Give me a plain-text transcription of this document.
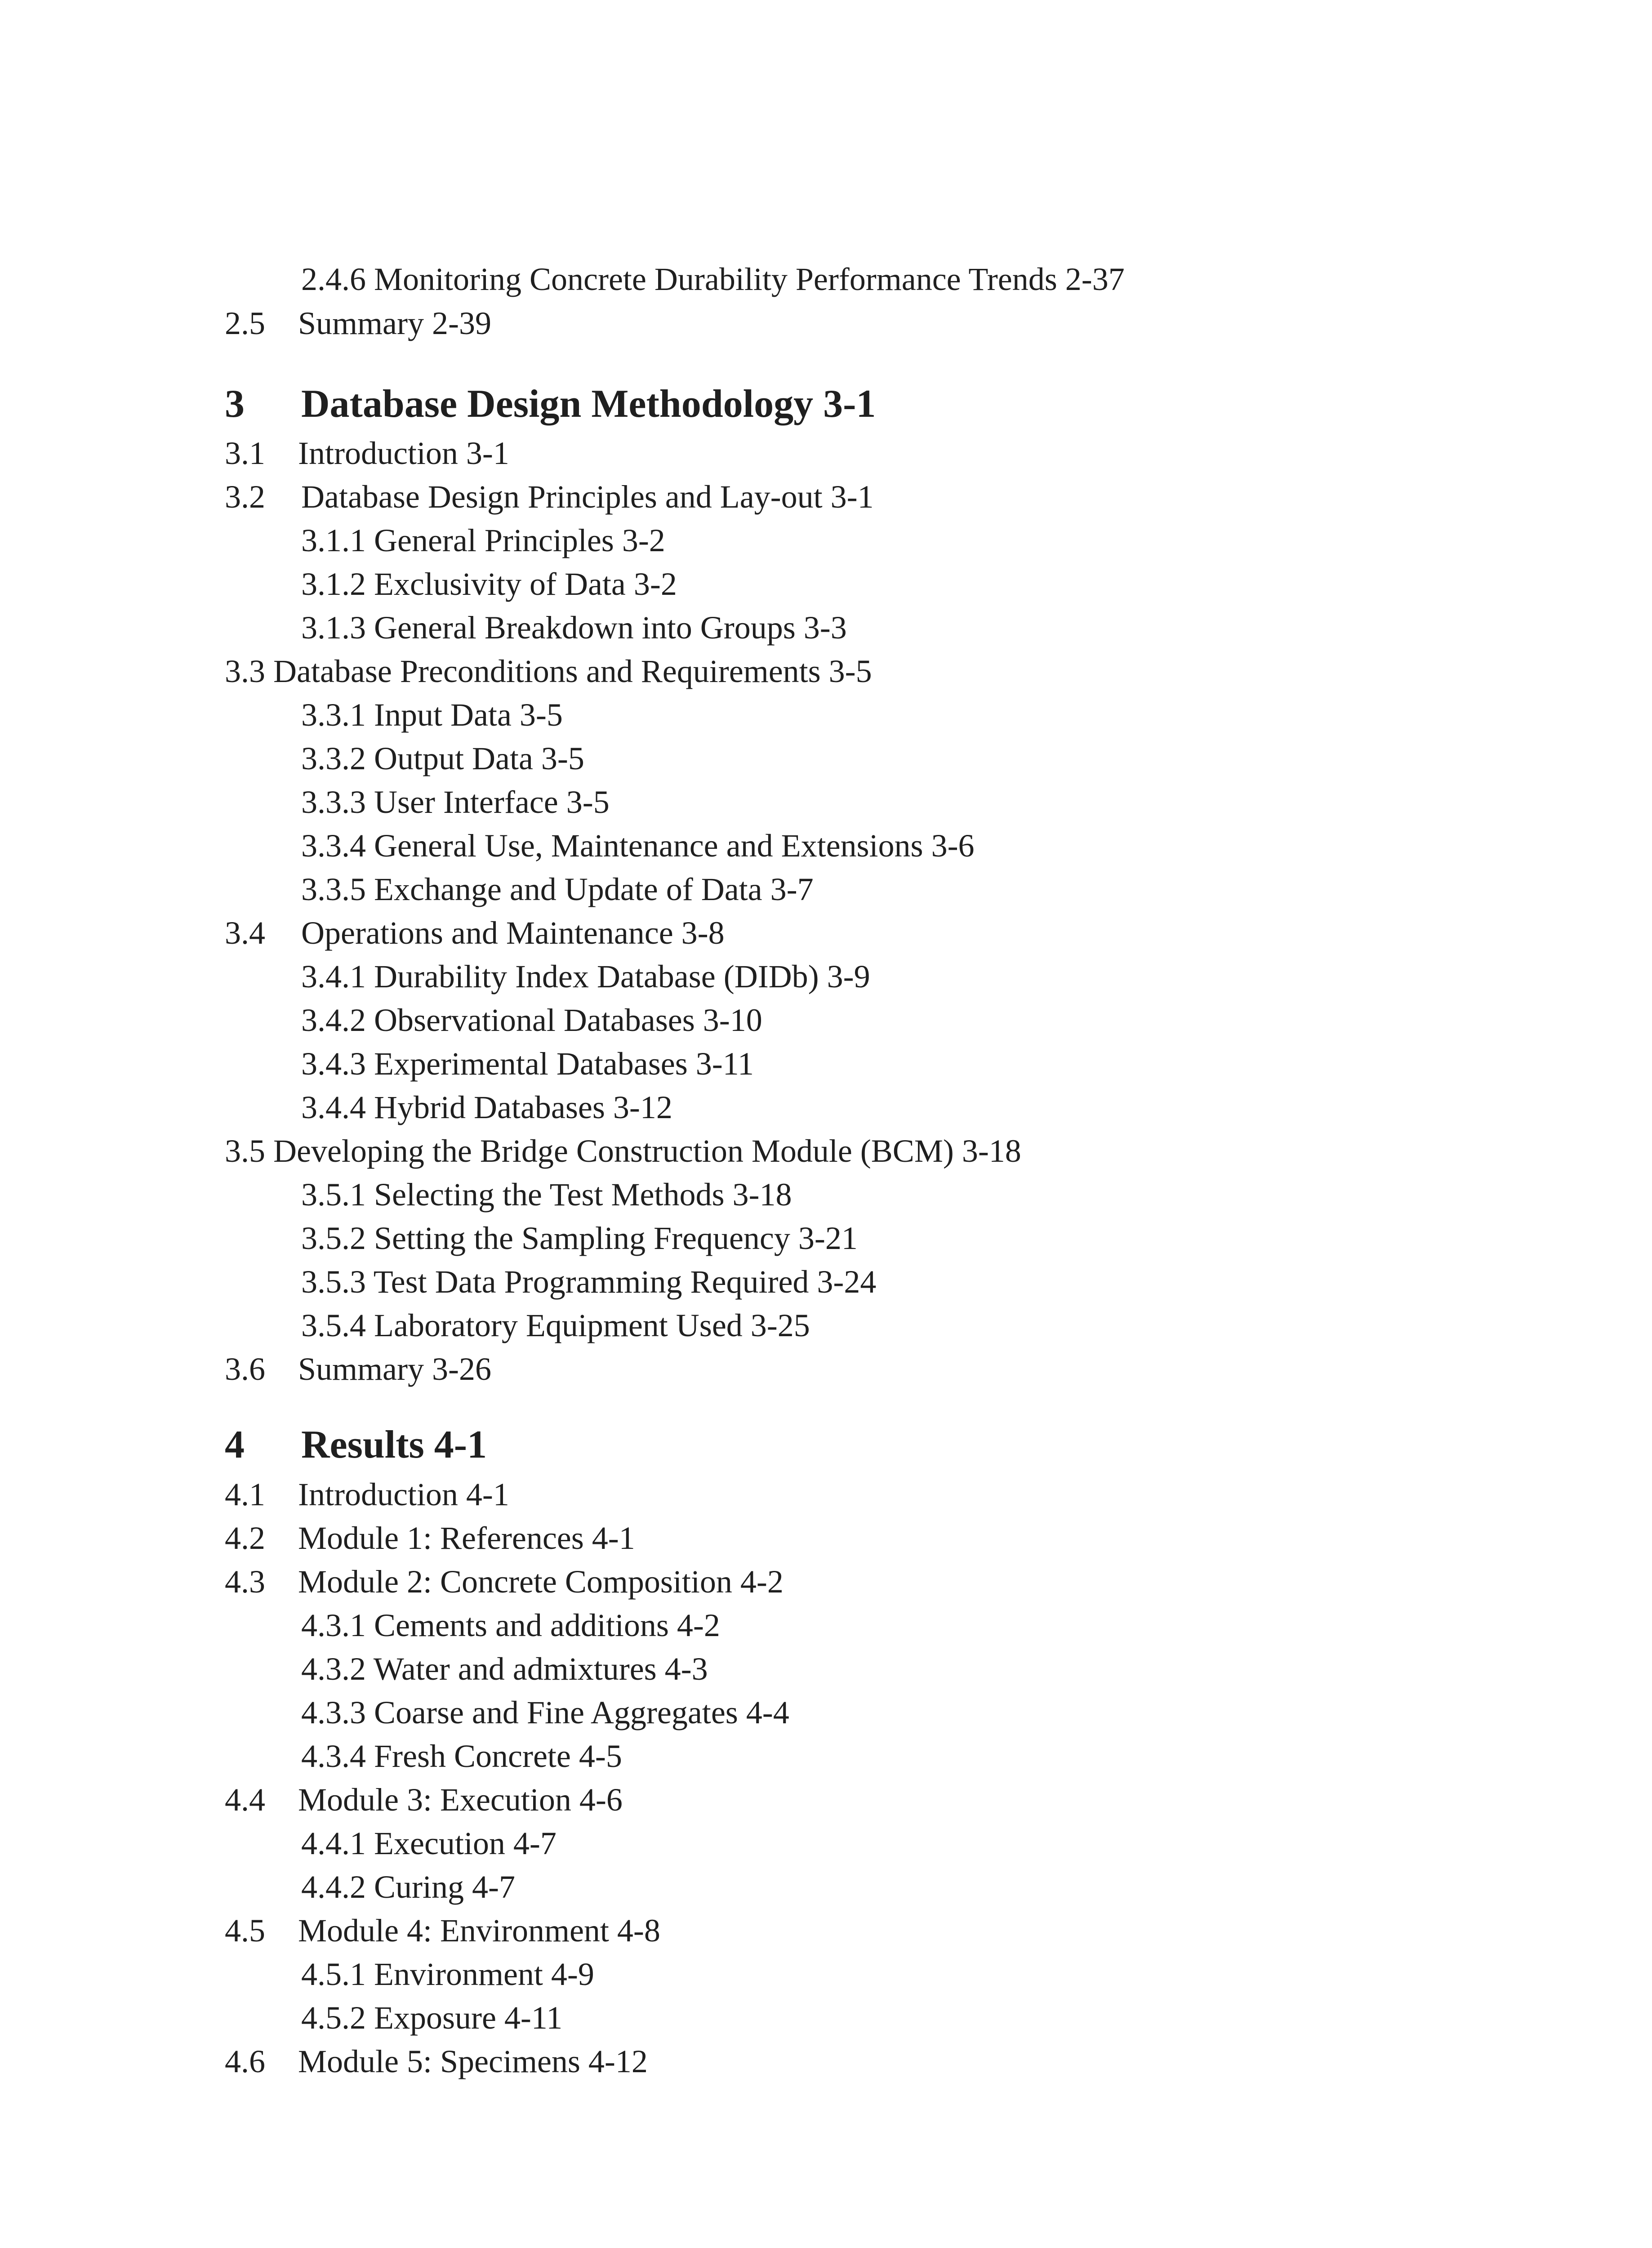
2.4.6 Monitoring Concrete Durability Performance Trends 2-37
2.5 Summary 2-39
3 Database Design Methodology 3-1
3.1 Introduction 3-1
3.2 Database Design Principles and Lay-out 3-1
3.1.1 General Principles 3-2
3.1.2 Exclusivity of Data 3-2
3.1.3 General Breakdown into Groups 3-3
3.3 Database Preconditions and Requirements 3-5
3.3.1 Input Data 3-5
3.3.2 Output Data 3-5
3.3.3 User Interface 3-5
3.3.4 General Use, Maintenance and Extensions 3-6
3.3.5 Exchange and Update of Data 3-7
3.4 Operations and Maintenance 3-8
3.4.1 Durability Index Database (DIDb) 3-9
3.4.2 Observational Databases 3-10
3.4.3 Experimental Databases 3-11
3.4.4 Hybrid Databases 3-12
3.5 Developing the Bridge Construction Module (BCM) 3-18
3.5.1 Selecting the Test Methods 3-18
3.5.2 Setting the Sampling Frequency 3-21
3.5.3 Test Data Programming Required 3-24
3.5.4 Laboratory Equipment Used 3-25
3.6 Summary 3-26
4 Results 4-1
4.1 Introduction 4-1
4.2 Module 1: References 4-1
4.3 Module 2: Concrete Composition 4-2
4.3.1 Cements and additions 4-2
4.3.2 Water and admixtures 4-3
4.3.3 Coarse and Fine Aggregates 4-4
4.3.4 Fresh Concrete 4-5
4.4 Module 3: Execution 4-6
4.4.1 Execution 4-7
4.4.2 Curing 4-7
4.5 Module 4: Environment 4-8
4.5.1 Environment 4-9
4.5.2 Exposure 4-11
4.6 Module 5: Specimens 4-12
